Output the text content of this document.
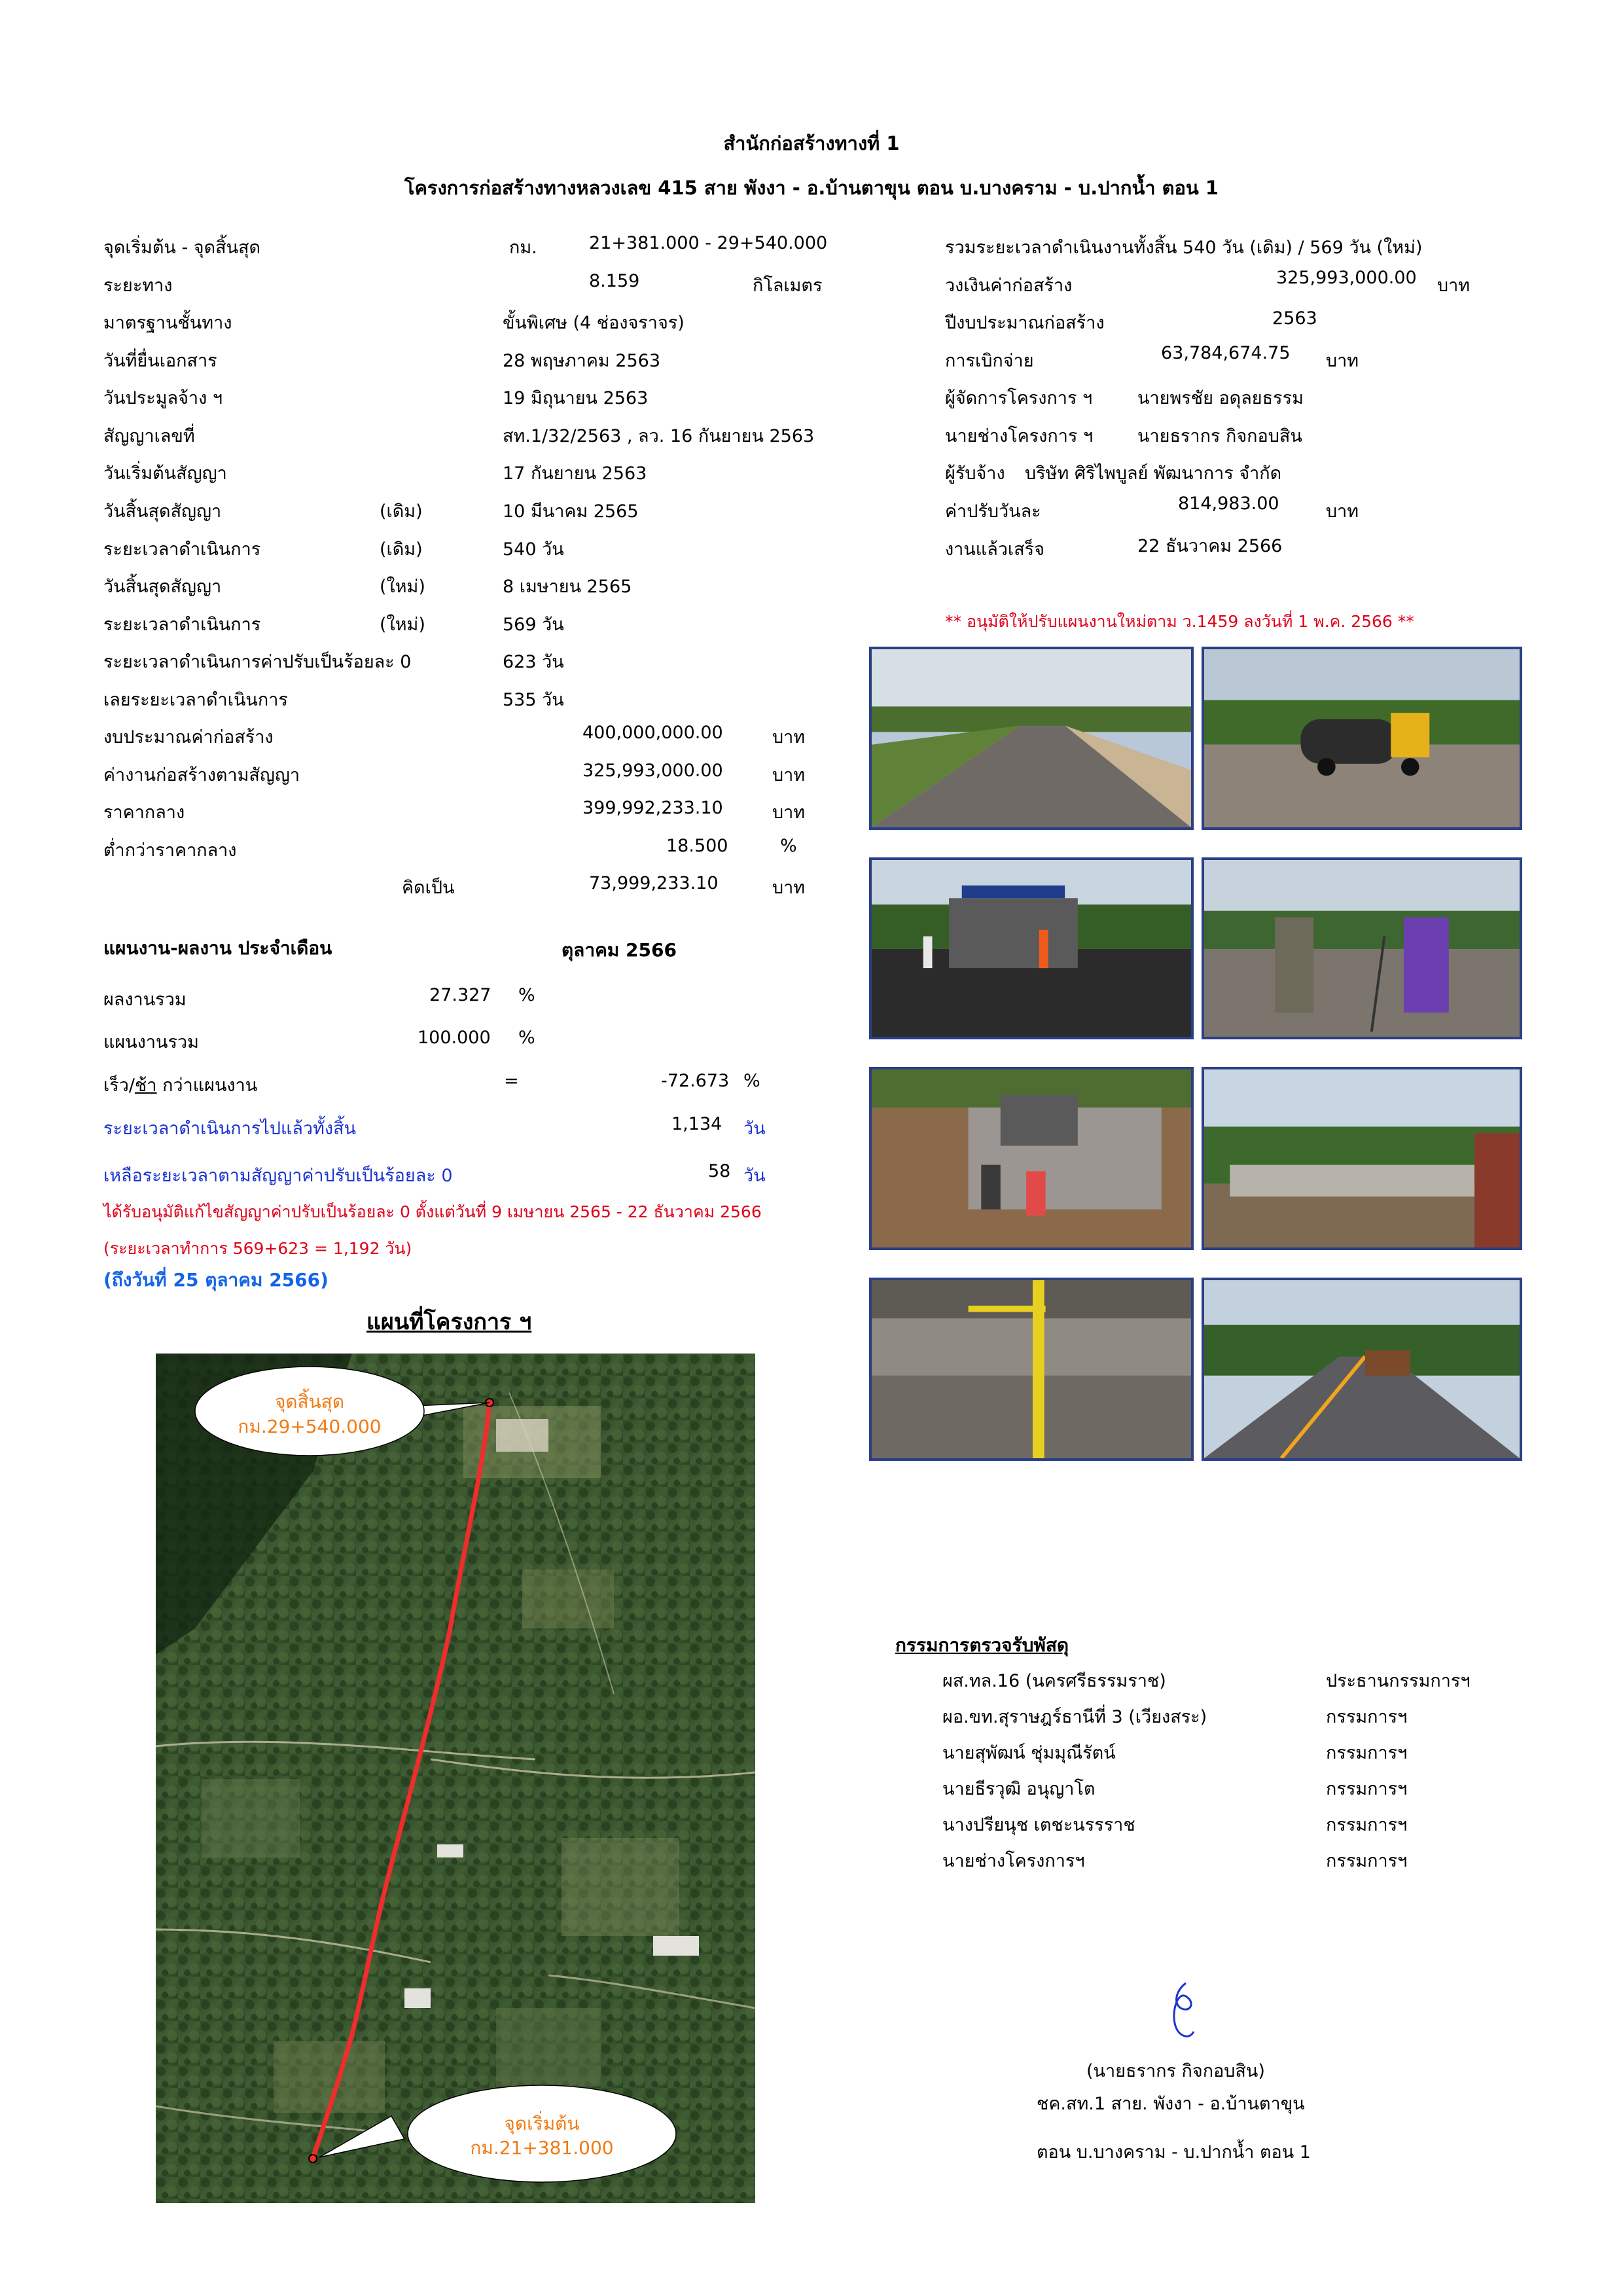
สำนักก่อสร้างทางที่ 1
โครงการก่อสร้างทางหลวงเลข 415 สาย พังงา - อ.บ้านตาขุน ตอน บ.บางคราม - บ.ปากน้ำ ตอน 1
จุดเริ่มต้น - จุดสิ้นสุด	กม.	21+381.000 - 29+540.000
ระยะทาง	8.159	กิโลเมตร
มาตรฐานชั้นทาง	ขั้นพิเศษ (4 ช่องจราจร)
วันที่ยื่นเอกสาร	28 พฤษภาคม 2563
วันประมูลจ้าง ฯ	19 มิถุนายน 2563
สัญญาเลขที่	สท.1/32/2563 , ลว. 16 กันยายน 2563
วันเริ่มต้นสัญญา	17 กันยายน 2563
วันสิ้นสุดสัญญา	(เดิม)	10 มีนาคม 2565
ระยะเวลาดำเนินการ	(เดิม)	540 วัน
วันสิ้นสุดสัญญา	(ใหม่)	8 เมษายน 2565
ระยะเวลาดำเนินการ	(ใหม่)	569 วัน
ระยะเวลาดำเนินการค่าปรับเป็นร้อยละ 0	623 วัน
เลยระยะเวลาดำเนินการ	535 วัน
งบประมาณค่าก่อสร้าง	400,000,000.00	บาท
ค่างานก่อสร้างตามสัญญา	325,993,000.00	บาท
ราคากลาง	399,992,233.10	บาท
ต่ำกว่าราคากลาง	18.500	%
คิดเป็น	73,999,233.10	บาท
รวมระยะเวลาดำเนินงานทั้งสิ้น 540 วัน (เดิม) / 569 วัน (ใหม่)
วงเงินค่าก่อสร้าง	325,993,000.00 บาท
ปีงบประมาณก่อสร้าง	2563
การเบิกจ่าย	63,784,674.75 บาท
ผู้จัดการโครงการ ฯ	นายพรชัย อดุลยธรรม
นายช่างโครงการ ฯ	นายธรากร กิจกอบสิน
ผู้รับจ้าง บริษัท ศิริไพบูลย์ พัฒนาการ จำกัด
ค่าปรับวันละ	814,983.00	บาท
งานแล้วเสร็จ	22 ธันวาคม 2566
** อนุมัติให้ปรับแผนงานใหม่ตาม ว.1459 ลงวันที่ 1 พ.ค. 2566 **
แผนงาน-ผลงาน ประจำเดือน	ตุลาคม 2566
ผลงานรวม	27.327 %
แผนงานรวม	100.000 %
เร็ว/ช้า กว่าแผนงาน	=	-72.673 %
ระยะเวลาดำเนินการไปแล้วทั้งสิ้น	1,134 วัน
เหลือระยะเวลาตามสัญญาค่าปรับเป็นร้อยละ 0	58 วัน
ได้รับอนุมัติแก้ไขสัญญาค่าปรับเป็นร้อยละ 0 ตั้งแต่วันที่ 9 เมษายน 2565 - 22 ธันวาคม 2566
(ระยะเวลาทำการ 569+623 = 1,192 วัน)
(ถึงวันที่ 25 ตุลาคม 2566)
แผนที่โครงการ ฯ
จุดสิ้นสุด
กม.29+540.000
จุดเริ่มต้น
กม.21+381.000
กรรมการตรวจรับพัสดุ
ผส.ทล.16 (นครศรีธรรมราช)	ประธานกรรมการฯ
ผอ.ขท.สุราษฎร์ธานีที่ 3 (เวียงสระ)	กรรมการฯ
นายสุพัฒน์ ชุ่มมุณีรัตน์	กรรมการฯ
นายธีรวุฒิ อนุญาโต	กรรมการฯ
นางปรียนุช เตชะนรรราช	กรรมการฯ
นายช่างโครงการฯ	กรรมการฯ
(นายธรากร กิจกอบสิน)
ชค.สท.1 สาย. พังงา - อ.บ้านตาขุน
ตอน บ.บางคราม - บ.ปากน้ำ ตอน 1
